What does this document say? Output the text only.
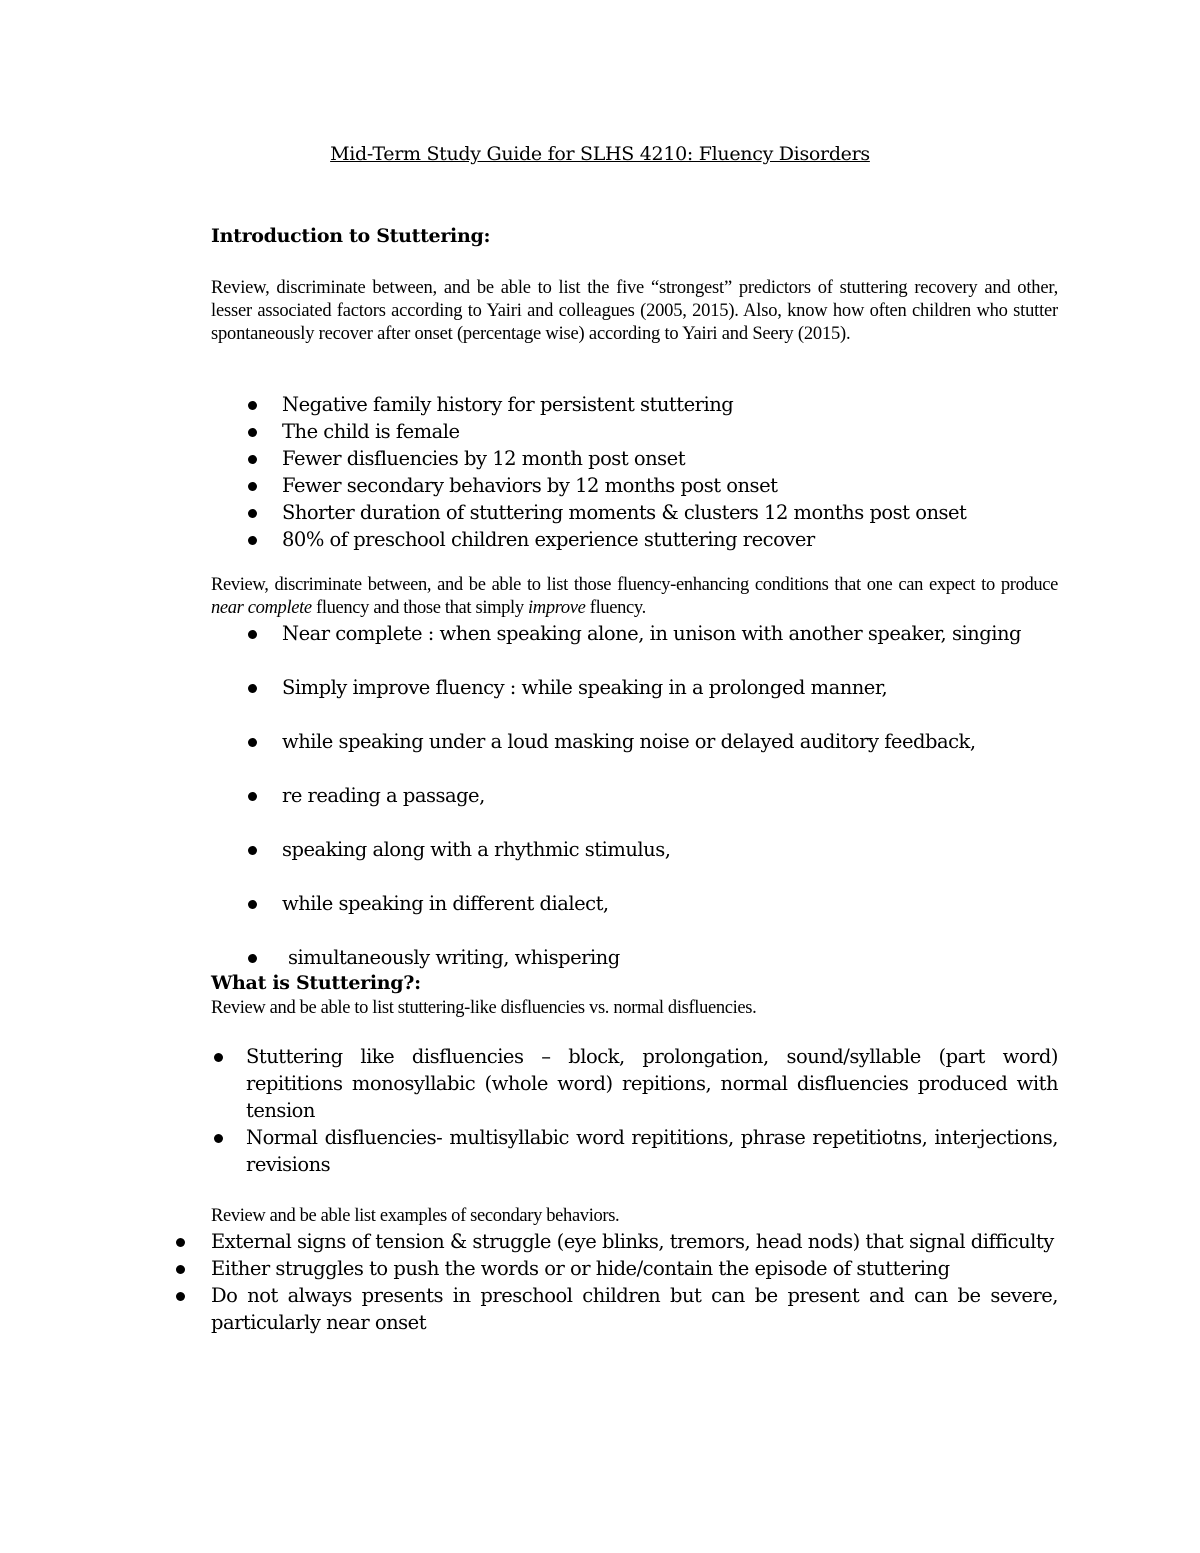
Mid-Term Study Guide for SLHS 4210: Fluency Disorders
Introduction to Stuttering:
Review, discriminate between, and be able to list the five “strongest” predictors of stuttering recovery and other, lesser associated factors according to Yairi and colleagues (2005, 2015). Also, know how often children who stutter spontaneously recover after onset (percentage wise) according to Yairi and Seery (2015).
Negative family history for persistent stuttering
The child is female
Fewer disfluencies by 12 month post onset
Fewer secondary behaviors by 12 months post onset
Shorter duration of stuttering moments & clusters 12 months post onset
80% of preschool children experience stuttering recover
Review, discriminate between, and be able to list those fluency-enhancing conditions that one can expect to produce near complete fluency and those that simply improve fluency.
Near complete : when speaking alone, in unison with another speaker, singing
Simply improve fluency : while speaking in a prolonged manner,
while speaking under a loud masking noise or delayed auditory feedback,
re reading a passage,
speaking along with a rhythmic stimulus,
while speaking in different dialect,
simultaneously writing, whispering
What is Stuttering?:
Review and be able to list stuttering-like disfluencies vs. normal disfluencies.
Stuttering like disfluencies – block, prolongation, sound/syllable (part word) repititions monosyllabic (whole word) repitions, normal disfluencies produced with tension
Normal disfluencies- multisyllabic word repititions, phrase repetitiotns, interjections, revisions
Review and be able list examples of secondary behaviors.
External signs of tension & struggle (eye blinks, tremors, head nods) that signal difficulty
Either struggles to push the words or or hide/contain the episode of stuttering
Do not always presents in preschool children but can be present and can be severe, particularly near onset
